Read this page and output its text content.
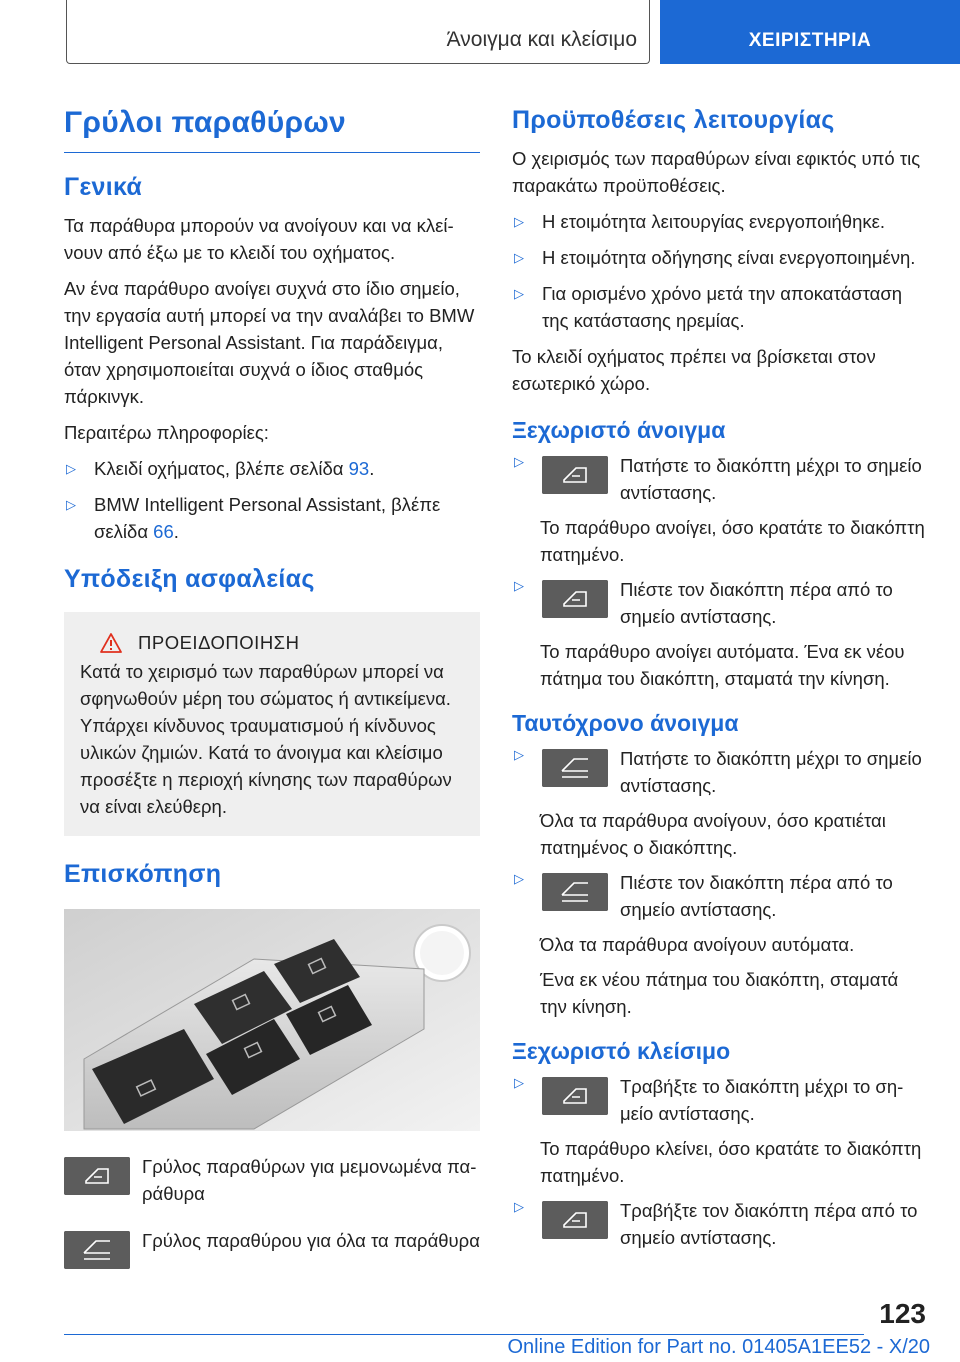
Άνοιγμα και κλείσιμο	ΧΕΙΡΙΣΤΗΡΙΑ
Γρύλοι παραθύρων
Γενικά

Τα παράθυρα μπορούν να ανοίγουν και να κλείνουν από έξω με το κλειδί του οχήματος.

Αν ένα παράθυρο ανοίγει συχνά στο ίδιο σημείο, την εργασία αυτή μπορεί να την αναλάβει το BMW Intelligent Personal Assistant. Για παράδειγμα, όταν χρησιμοποιείται συχνά ο ίδιος σταθμός πάρκινγκ.

Περαιτέρω πληροφορίες:

▷ Κλειδί οχήματος, βλέπε σελίδα 93.
▷ BMW Intelligent Personal Assistant, βλέπε σελίδα 66.
Υπόδειξη ασφαλείας
ΠΡΟΕΙΔΟΠΟΙΗΣΗ

Κατά το χειρισμό των παραθύρων μπορεί να σφηνωθούν μέρη του σώματος ή αντικείμενα. Υπάρχει κίνδυνος τραυματισμού ή κίνδυνος υλικών ζημιών. Κατά το άνοιγμα και κλείσιμο προσέξτε η περιοχή κίνησης των παραθύρων να είναι ελεύθερη.

Επισκόπηση

Γρύλος παραθύρων για μεμονωμένα παράθυρα

Γρύλος παραθύρου για όλα τα παράθυρα

Προϋποθέσεις λειτουργίας

Ο χειρισμός των παραθύρων είναι εφικτός υπό τις παρακάτω προϋποθέσεις.

▷ Η ετοιμότητα λειτουργίας ενεργοποιήθηκε.
▷ Η ετοιμότητα οδήγησης είναι ενεργοποιημένη.
▷ Για ορισμένο χρόνο μετά την αποκατάσταση της κατάστασης ηρεμίας.

Το κλειδί οχήματος πρέπει να βρίσκεται στον εσωτερικό χώρο.

Ξεχωριστό άνοιγμα
▷	Πατήστε το διακόπτη μέχρι το σημείο αντίστασης.

Το παράθυρο ανοίγει, όσο κρατάτε το διακόπτη πατημένο.

▷	Πιέστε τον διακόπτη πέρα από το σημείο αντίστασης.

Το παράθυρο ανοίγει αυτόματα. Ένα εκ νέου πάτημα του διακόπτη, σταματά την κίνηση.

Ταυτόχρονο άνοιγμα
▷	Πατήστε το διακόπτη μέχρι το σημείο αντίστασης.

Όλα τα παράθυρα ανοίγουν, όσο κρατιέται πατημένος ο διακόπτης.

▷	Πιέστε τον διακόπτη πέρα από το σημείο αντίστασης.

Όλα τα παράθυρα ανοίγουν αυτόματα.

Ένα εκ νέου πάτημα του διακόπτη, σταματά την κίνηση.

Ξεχωριστό κλείσιμο
▷	Τραβήξτε το διακόπτη μέχρι το σημείο αντίστασης.

Το παράθυρο κλείνει, όσο κρατάτε το διακόπτη πατημένο.

▷	Τραβήξτε τον διακόπτη πέρα από το σημείο αντίστασης.

123
Online Edition for Part no. 01405A1EE52 - X/20
